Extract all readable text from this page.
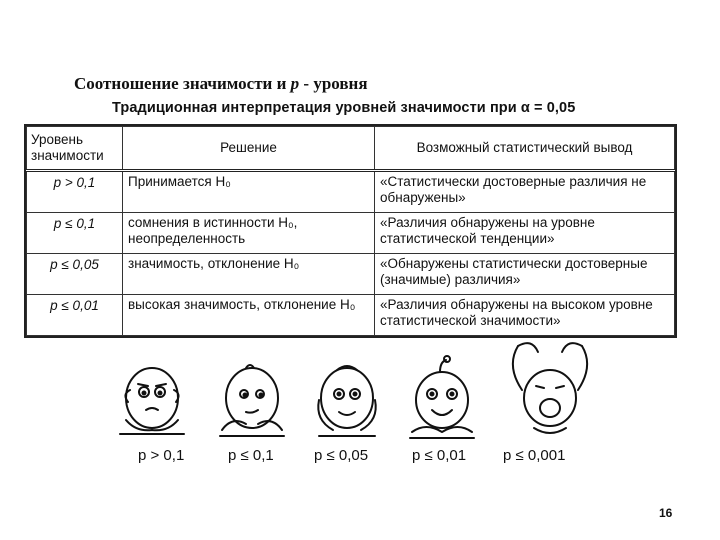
Соотношение значимости и р - уровня
Традиционная интерпретация уровней значимости при α = 0,05
Уровень значимости	Решение	Возможный статистический вывод
p > 0,1	Принимается H₀	«Статистически достоверные различия не обнаружены»
p ≤ 0,1	сомнения в истинности H₀, неопределенность	«Различия обнаружены на уровне статистической тенденции»
p ≤ 0,05	значимость, отклонение H₀	«Обнаружены статистически достоверные (значимые) различия»
p ≤ 0,01	высокая значимость, отклонение H₀	«Различия обнаружены на высоком уровне статистической значимости»
p > 0,1	p ≤ 0,1	p ≤ 0,05	p ≤ 0,01 p ≤ 0,001
16
